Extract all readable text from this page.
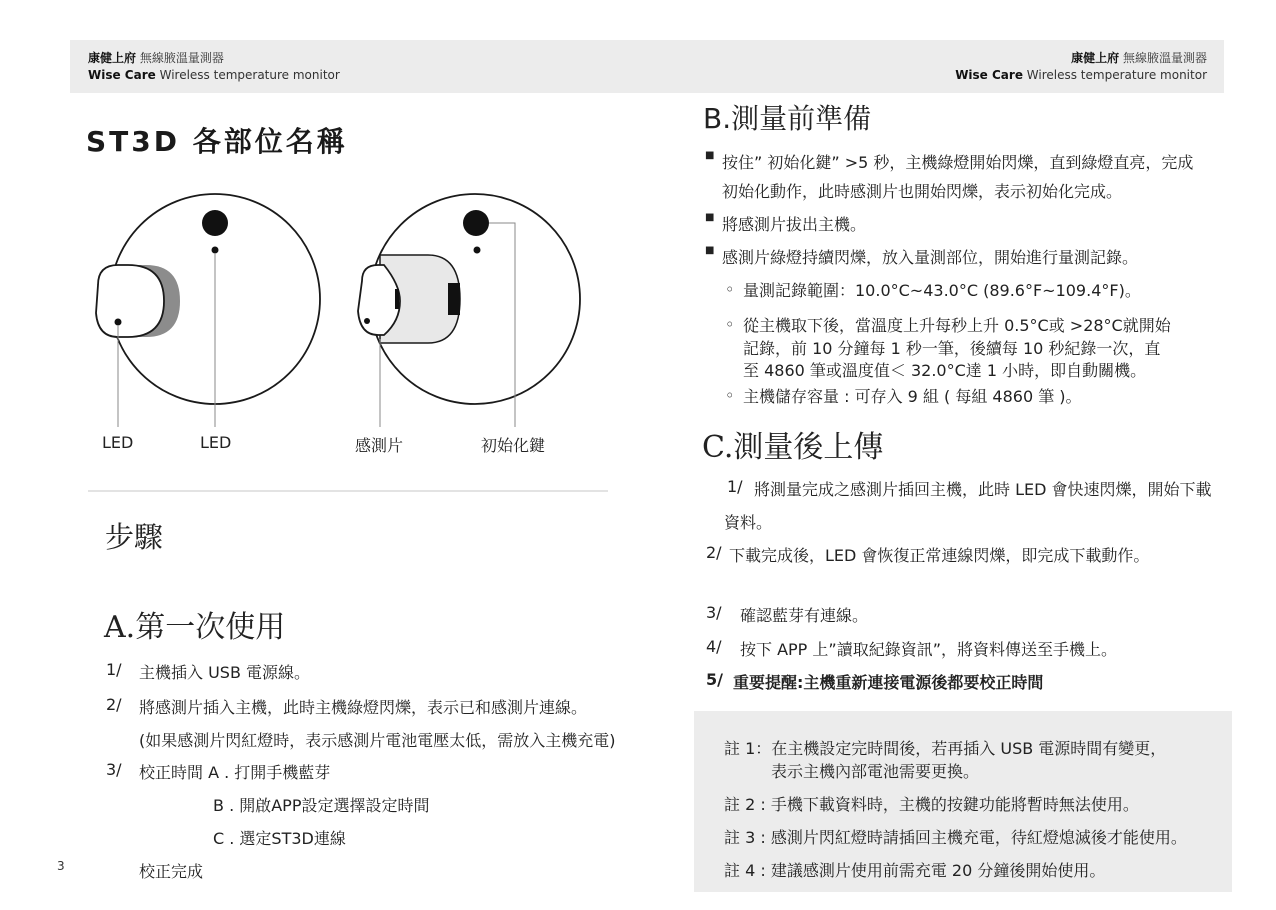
康健上府 無線腋溫量測器
Wise Care Wireless temperature monitor
康健上府 無線腋溫量測器
Wise Care Wireless temperature monitor
ST3D 各部位名稱
LED	LED	感測片	初始化鍵
步驟
A.第一次使用
1/ 主機插入 USB 電源線。
2/ 將感測片插入主機，此時主機綠燈閃爍，表示已和感測片連線。
(如果感測片閃紅燈時，表示感測片電池電壓太低，需放入主機充電)
3/ 校正時間 A . 打開手機藍芽
B . 開啟APP設定選擇設定時間
C . 選定ST3D連線
校正完成
3
B.測量前準備
■ 按住” 初始化鍵” >5 秒，主機綠燈開始閃爍，直到綠燈直亮，完成
初始化動作，此時感測片也開始閃爍，表示初始化完成。
■ 將感測片拔出主機。
■ 感測片綠燈持續閃爍，放入量測部位，開始進行量測記錄。
◦ 量測記錄範圍：10.0°C~43.0°C (89.6°F~109.4°F)。
◦ 從主機取下後，當溫度上升每秒上升 0.5°C或 >28°C就開始
記錄，前 10 分鐘每 1 秒一筆，後續每 10 秒紀錄一次，直
至 4860 筆或溫度值＜ 32.0°C達 1 小時，即自動關機。
◦ 主機儲存容量 : 可存入 9 組 ( 每組 4860 筆 )。
C.測量後上傳
1/ 將測量完成之感測片插回主機，此時 LED 會快速閃爍，開始下載
資料。
2/ 下載完成後，LED 會恢復正常連線閃爍，即完成下載動作。
3/ 確認藍芽有連線。
4/ 按下 APP 上”讀取紀錄資訊”，將資料傳送至手機上。
5/ 重要提醒:主機重新連接電源後都要校正時間
註 1：在主機設定完時間後，若再插入 USB 電源時間有變更，
表示主機內部電池需要更換。
註 2 : 手機下載資料時，主機的按鍵功能將暫時無法使用。
註 3 : 感測片閃紅燈時請插回主機充電，待紅燈熄滅後才能使用。
註 4 : 建議感測片使用前需充電 20 分鐘後開始使用。
